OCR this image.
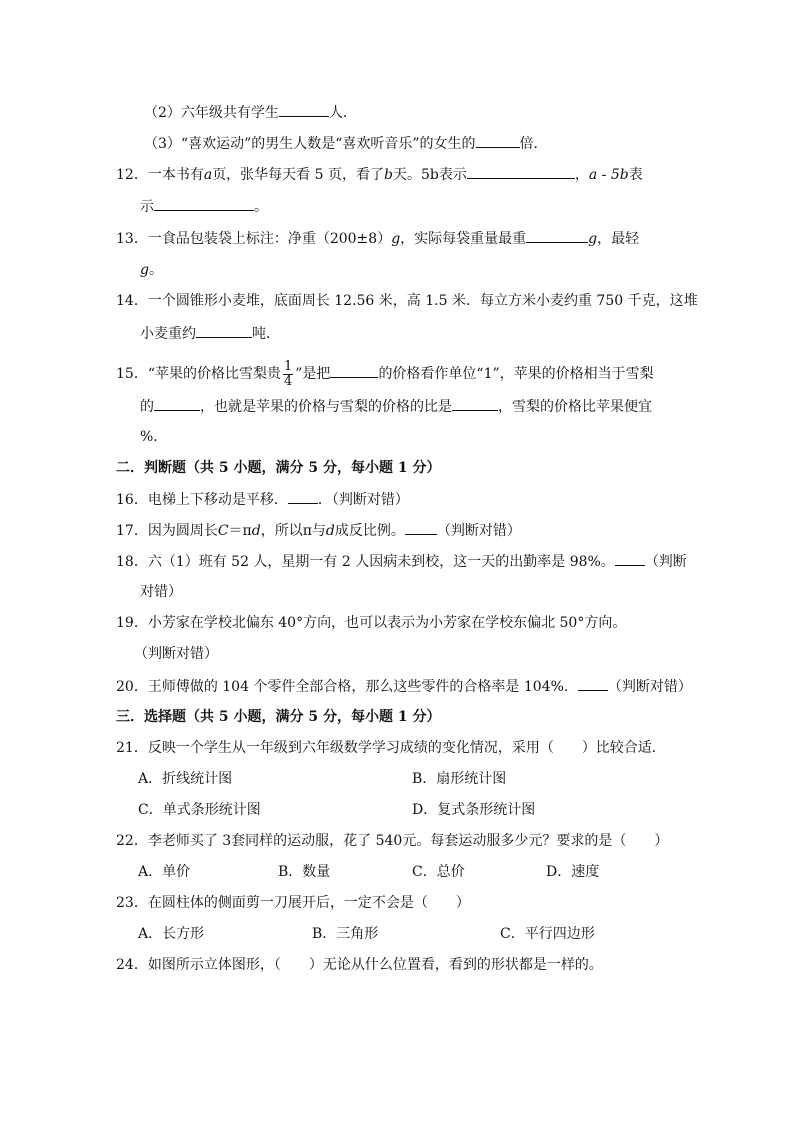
（2）六年级共有学生	人．
（3）“喜欢运动”的男生人数是“喜欢听音乐”的女生的	倍．
12．一本书有a页，张华每天看 5 页，看了b天。5b表示	，a - 5b表
示	。
13．一食品包装袋上标注：净重（200±8）g，实际每袋重量最重	g，最轻
g。
14．一个圆锥形小麦堆，底面周长 12.56 米，高 1.5 米．每立方米小麦约重 750 千克，这堆
小麦重约	吨．
15．“苹果的价格比雪梨贵 $\frac{1}{4}$ ”是把	的价格看作单位“1”，苹果的价格相当于雪梨
的	，也就是苹果的价格与雪梨的价格的比是	，雪梨的价格比苹果便宜
%．
二．判断题（共 5 小题，满分 5 分，每小题 1 分）
16．电梯上下移动是平移． ．（判断对错）
17．因为圆周长C＝πd，所以π与d成反比例。 （判断对错）
18．六（1）班有 52 人，星期一有 2 人因病未到校，这一天的出勤率是 98%。 （判断
对错）
19．小芳家在学校北偏东 40°方向，也可以表示为小芳家在学校东偏北 50°方向。
（判断对错）
20．王师傅做的 104 个零件全部合格，那么这些零件的合格率是 104%． （判断对错）
三．选择题（共 5 小题，满分 5 分，每小题 1 分）
21．反映一个学生从一年级到六年级数学学习成绩的变化情况，采用（　　）比较合适．
A．折线统计图	B．扇形统计图
C．单式条形统计图	D．复式条形统计图
22．李老师买了 3套同样的运动服，花了 540元。每套运动服多少元？要求的是（　　）
A．单价	B．数量	C．总价	D．速度
23．在圆柱体的侧面剪一刀展开后，一定不会是（　　）
A．长方形	B．三角形	C．平行四边形
24．如图所示立体图形，（　　）无论从什么位置看，看到的形状都是一样的。
